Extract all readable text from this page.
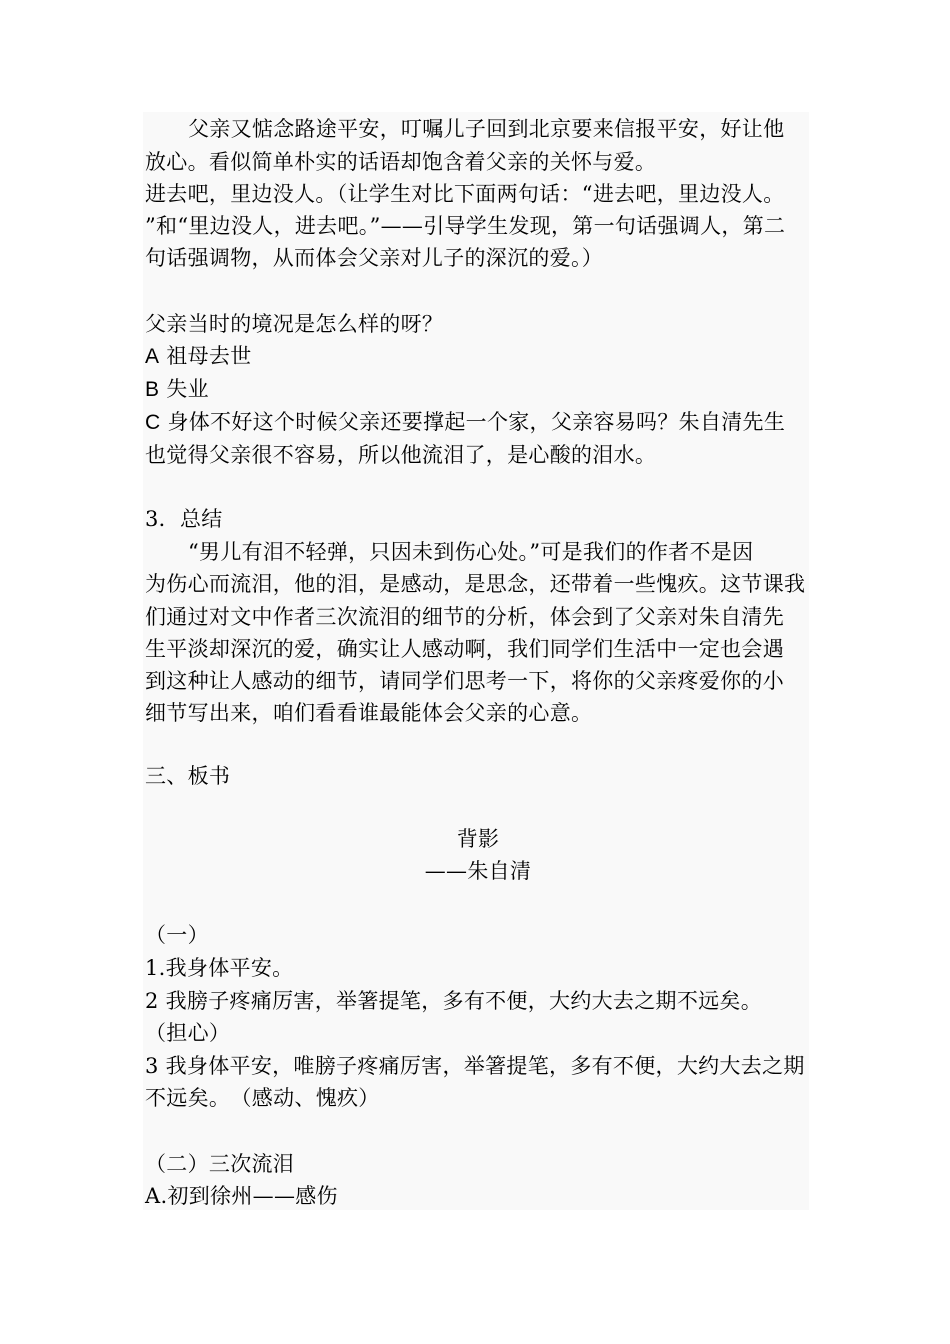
父亲又惦念路途平安，叮嘱儿子回到北京要来信报平安，好让他
放心。看似简单朴实的话语却饱含着父亲的关怀与爱。
进去吧，里边没人。（让学生对比下面两句话：“进去吧，里边没人。
”和“里边没人，进去吧。”——引导学生发现，第一句话强调人，第二
句话强调物，从而体会父亲对儿子的深沉的爱。）
父亲当时的境况是怎么样的呀？
A 祖母去世
B 失业
C 身体不好这个时候父亲还要撑起一个家，父亲容易吗？朱自清先生
也觉得父亲很不容易，所以他流泪了，是心酸的泪水。
3．总结
“男儿有泪不轻弹，只因未到伤心处。”可是我们的作者不是因
为伤心而流泪，他的泪，是感动，是思念，还带着一些愧疚。这节课我
们通过对文中作者三次流泪的细节的分析，体会到了父亲对朱自清先
生平淡却深沉的爱，确实让人感动啊，我们同学们生活中一定也会遇
到这种让人感动的细节，请同学们思考一下，将你的父亲疼爱你的小
细节写出来，咱们看看谁最能体会父亲的心意。
三、板书
背影
——朱自清
（一）
1.我身体平安。
2 我膀子疼痛厉害，举箸提笔，多有不便，大约大去之期不远矣。
（担心）
3 我身体平安，唯膀子疼痛厉害，举箸提笔，多有不便，大约大去之期
不远矣。　（感动、愧疚）
（二）三次流泪
A.初到徐州——感伤
